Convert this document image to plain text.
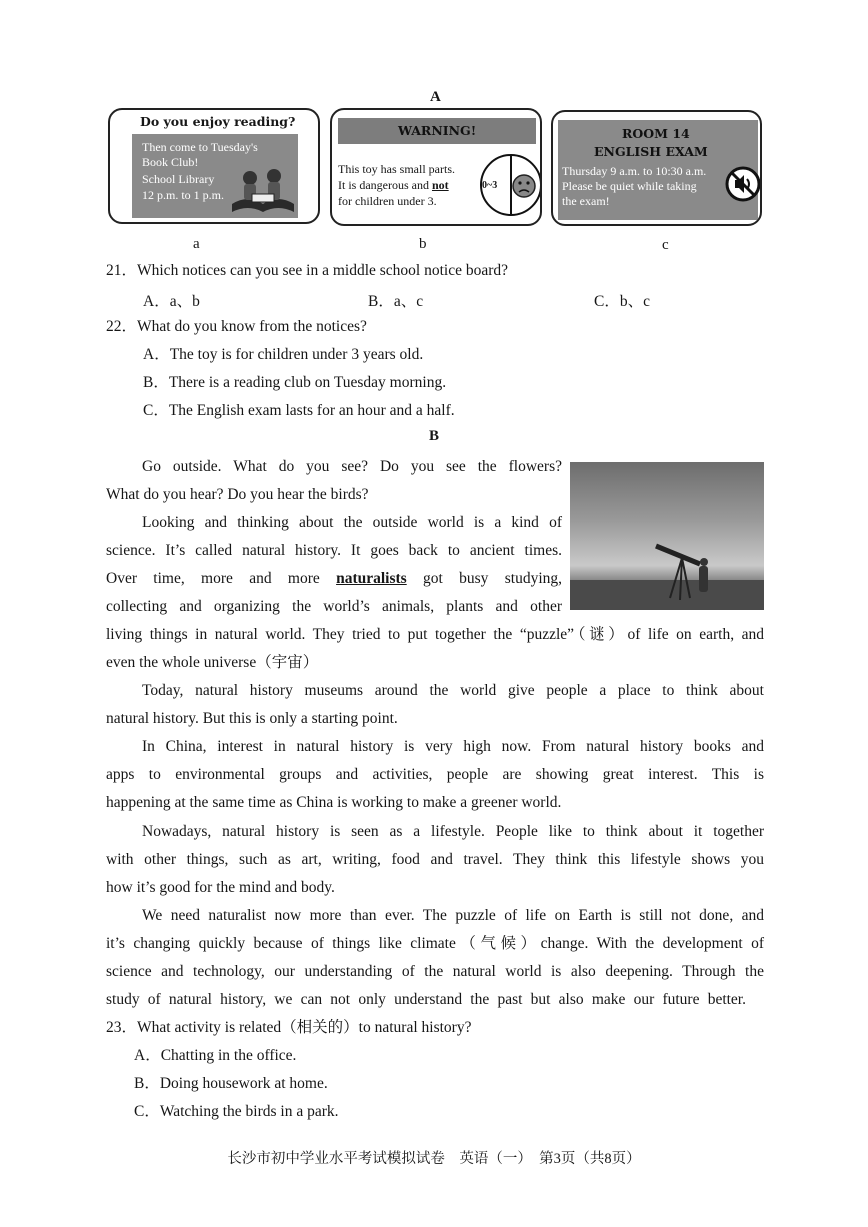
A
Do you enjoy reading?
Then come to Tuesday's
Book Club!
School Library
12 p.m. to 1 p.m.
a
WARNING!
This toy has small parts.
It is dangerous and not
for children under 3.
0~3
b
ROOM 14
ENGLISH EXAM
Thursday 9 a.m. to 10:30 a.m.
Please be quiet while taking
the exam!
c
21．Which notices can you see in a middle school notice board?
A．a、b	B．a、c	C．b、c
22．What do you know from the notices?
A．The toy is for children under 3 years old.
B．There is a reading club on Tuesday morning.
C．The English exam lasts for an hour and a half.
B
Go outside. What do you see? Do you see the flowers?
What do you hear? Do you hear the birds?
Looking and thinking about the outside world is a kind of
science. It’s called natural history. It goes back to ancient times.
Over time, more and more naturalists got busy studying,
collecting and organizing the world’s animals, plants and other
living things in natural world. They tried to put together the “puzzle”（谜）of life on earth, and
even the whole universe（宇宙）
Today, natural history museums around the world give people a place to think about
natural history. But this is only a starting point.
In China, interest in natural history is very high now. From natural history books and
apps to environmental groups and activities, people are showing great interest. This is
happening at the same time as China is working to make a greener world.
Nowadays, natural history is seen as a lifestyle. People like to think about it together
with other things, such as art, writing, food and travel. They think this lifestyle shows you
how it’s good for the mind and body.
We need naturalist now more than ever. The puzzle of life on Earth is still not done, and
it’s changing quickly because of things like climate（气候）change. With the development of
science and technology, our understanding of the natural world is also deepening. Through the
study of natural history, we can not only understand the past but also make our future better.
23．What activity is related（相关的）to natural history?
A．Chatting in the office.
B．Doing housework at home.
C．Watching the birds in a park.
长沙市初中学业水平考试模拟试卷　英语（一）　第3页（共8页）
